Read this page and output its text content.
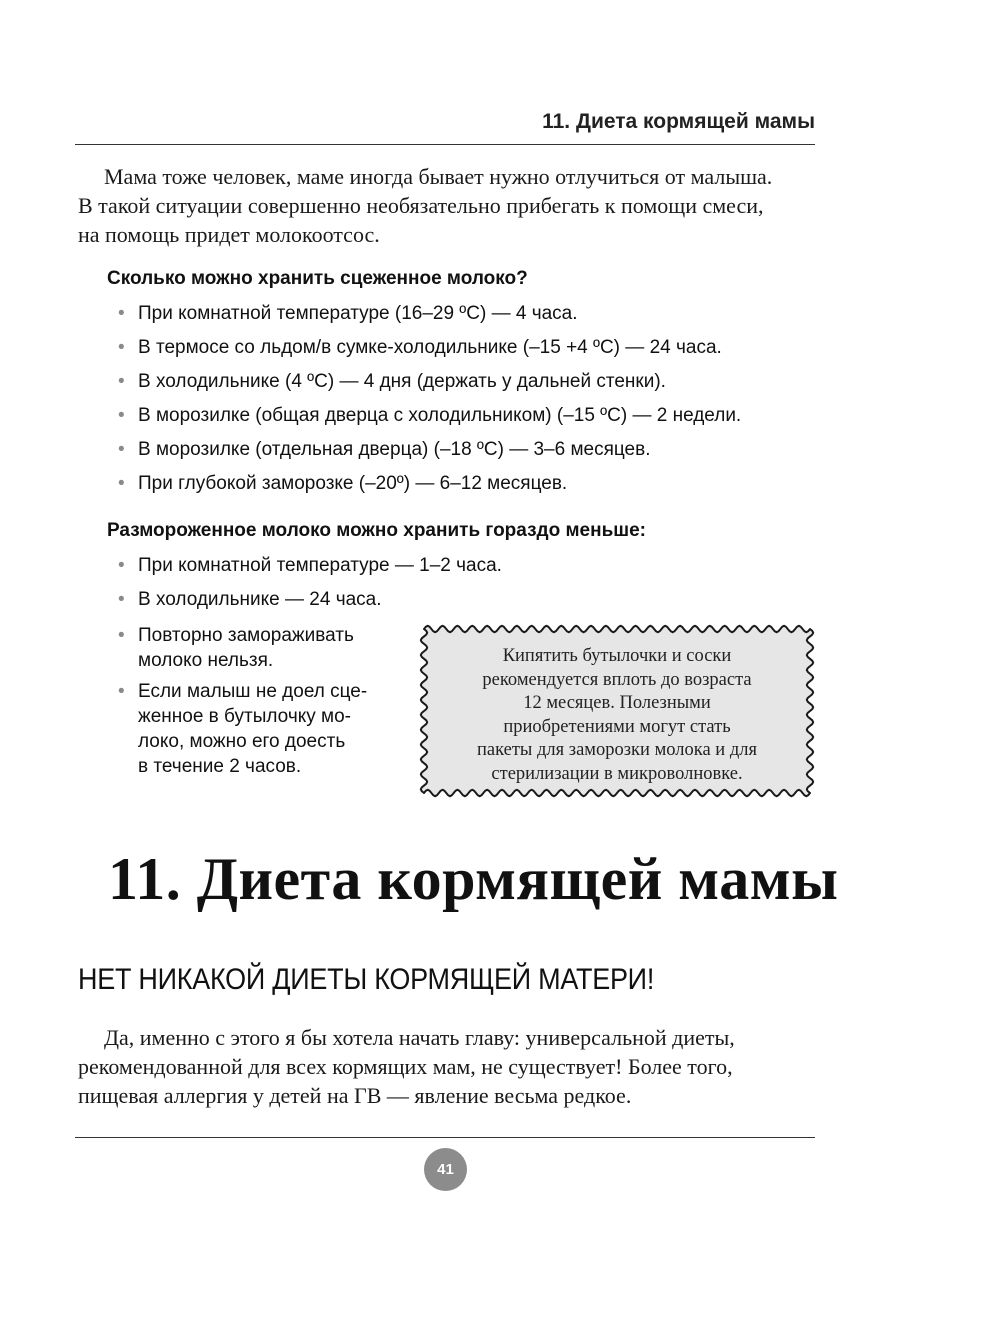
11. Диета кормящей мамы
Мама тоже человек, маме иногда бывает нужно отлучиться от малыша.
В такой ситуации совершенно необязательно прибегать к помощи смеси,
на помощь придет молокоотсос.
Сколько можно хранить сцеженное молоко?
• При комнатной температуре (16–29 ºС) — 4 часа.
• В термосе со льдом/в сумке-холодильнике (–15 +4 ºС) — 24 часа.
• В холодильнике (4 ºС) — 4 дня (держать у дальней стенки).
• В морозилке (общая дверца с холодильником) (–15 ºС) — 2 недели.
• В морозилке (отдельная дверца) (–18 ºС) — 3–6 месяцев.
• При глубокой заморозке (–20º) — 6–12 месяцев.
Размороженное молоко можно хранить гораздо меньше:
• При комнатной температуре — 1–2 часа.
• В холодильнике — 24 часа.
• Повторно замораживать
молоко нельзя.
• Если малыш не доел сце-
женное в бутылочку мо-
локо, можно его доесть
в течение 2 часов.
Кипятить бутылочки и соски
рекомендуется вплоть до возраста
12 месяцев. Полезными
приобретениями могут стать
пакеты для заморозки молока и для
стерилизации в микроволновке.
11. Диета кормящей мамы
НЕТ НИКАКОЙ ДИЕТЫ КОРМЯЩЕЙ МАТЕРИ!
Да, именно с этого я бы хотела начать главу: универсальной диеты,
рекомендованной для всех кормящих мам, не существует! Более того,
пищевая аллергия у детей на ГВ — явление весьма редкое.
41
